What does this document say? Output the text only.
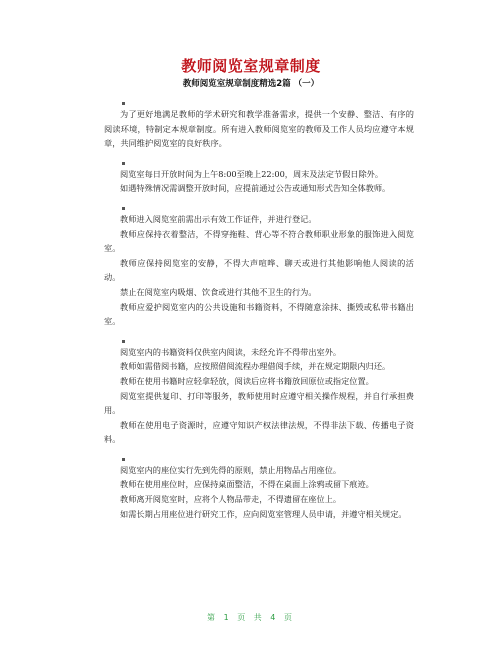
教师阅览室规章制度
教师阅览室规章制度精选2篇 （一）

为了更好地满足教师的学术研究和教学准备需求，提供一个安静、整洁、有序的阅读环境，特制定本规章制度。所有进入教师阅览室的教师及工作人员均应遵守本规章，共同维护阅览室的良好秩序。

阅览室每日开放时间为上午8:00至晚上22:00，周末及法定节假日除外。

如遇特殊情况需调整开放时间，应提前通过公告或通知形式告知全体教师。

教师进入阅览室前需出示有效工作证件，并进行登记。

教师应保持衣着整洁，不得穿拖鞋、背心等不符合教师职业形象的服饰进入阅览室。

教师应保持阅览室的安静，不得大声喧哗、聊天或进行其他影响他人阅读的活动。

禁止在阅览室内吸烟、饮食或进行其他不卫生的行为。

教师应爱护阅览室内的公共设施和书籍资料，不得随意涂抹、撕毁或私带书籍出室。

阅览室内的书籍资料仅供室内阅读，未经允许不得带出室外。

教师如需借阅书籍，应按照借阅流程办理借阅手续，并在规定期限内归还。

教师在使用书籍时应轻拿轻放，阅读后应将书籍放回原位或指定位置。

阅览室提供复印、打印等服务，教师使用时应遵守相关操作规程，并自行承担费用。

教师在使用电子资源时，应遵守知识产权法律法规，不得非法下载、传播电子资料。

阅览室内的座位实行先到先得的原则，禁止用物品占用座位。

教师在使用座位时，应保持桌面整洁，不得在桌面上涂鸦或留下痕迹。

教师离开阅览室时，应将个人物品带走，不得遗留在座位上。

如需长期占用座位进行研究工作，应向阅览室管理人员申请，并遵守相关规定。

第 1 页 共 4 页
